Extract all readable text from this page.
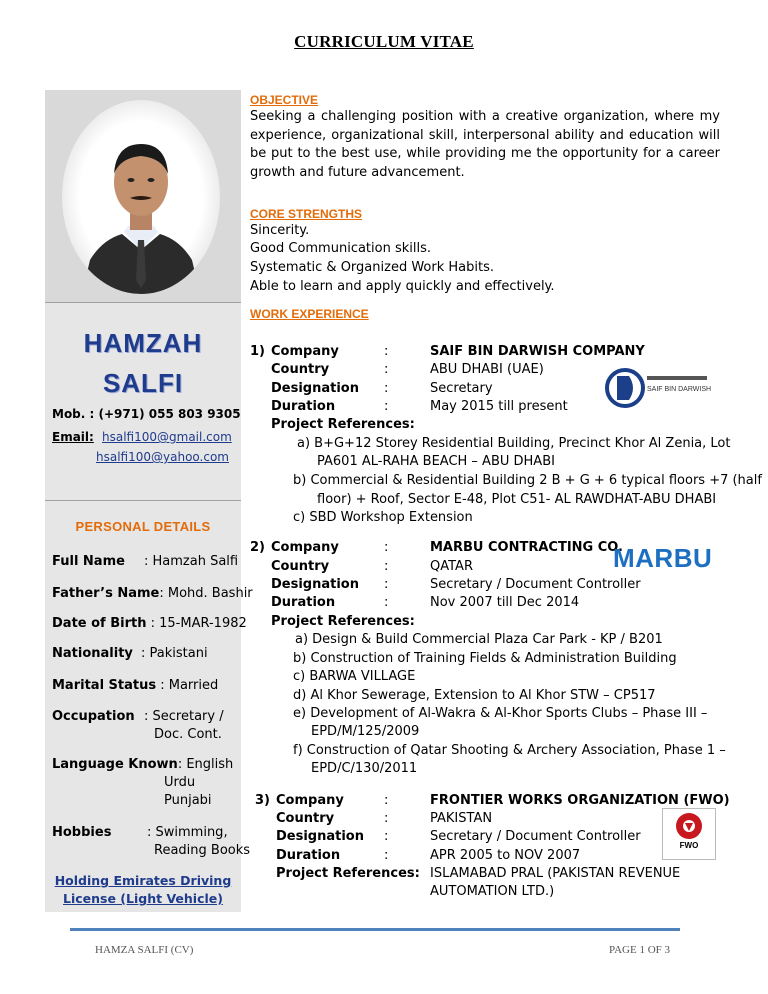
CURRICULUM VITAE
HAMZAH
SALFI
Mob. : (+971) 055 803 9305
Email: hsalfi100@gmail.com
hsalfi100@yahoo.com
PERSONAL DETAILS
Full Name : Hamzah Salfi
Father’s Name: Mohd. Bashir
Date of Birth : 15-MAR-1982
Nationality : Pakistani
Marital Status : Married
Occupation : Secretary /
Doc. Cont.
Language Known: English
Urdu
Punjabi
Hobbies	: Swimming,
Reading Books
Holding Emirates Driving
License (Light Vehicle)
OBJECTIVE
Seeking a challenging position with a creative organization, where my experience, organizational skill, interpersonal ability and education will be put to the best use, while providing me the opportunity for a career growth and future advancement.
CORE STRENGTHS
Sincerity.
Good Communication skills.
Systematic & Organized Work Habits.
Able to learn and apply quickly and effectively.
WORK EXPERIENCE
1) Company	:	SAIF BIN DARWISH COMPANY
Country	:	ABU DHABI (UAE)
Designation :	Secretary
Duration	:	May 2015 till present
Project References:
a) B+G+12 Storey Residential Building, Precinct Khor Al Zenia, Lot
PA601 AL-RAHA BEACH – ABU DHABI
b) Commercial & Residential Building 2 B + G + 6 typical floors +7 (half
floor) + Roof, Sector E-48, Plot C51- AL RAWDHAT-ABU DHABI
c) SBD Workshop Extension
SAIF BIN DARWISH
2) Company	:	MARBU CONTRACTING CO.
Country	:	QATAR
Designation :	Secretary / Document Controller
Duration	:	Nov 2007 till Dec 2014
Project References:
a) Design & Build Commercial Plaza Car Park - KP / B201
b) Construction of Training Fields & Administration Building
c) BARWA VILLAGE
d) Al Khor Sewerage, Extension to Al Khor STW – CP517
e) Development of Al-Wakra & Al-Khor Sports Clubs – Phase III –
EPD/M/125/2009
f) Construction of Qatar Shooting & Archery Association, Phase 1 –
EPD/C/130/2011
MARBU
3) Company	:	FRONTIER WORKS ORGANIZATION (FWO)
Country	:	PAKISTAN
Designation :	Secretary / Document Controller
Duration	:	APR 2005 to NOV 2007
Project References: ISLAMABAD PRAL (PAKISTAN REVENUE
AUTOMATION LTD.)
FWO
HAMZA SALFI (CV)	PAGE 1 OF 3
